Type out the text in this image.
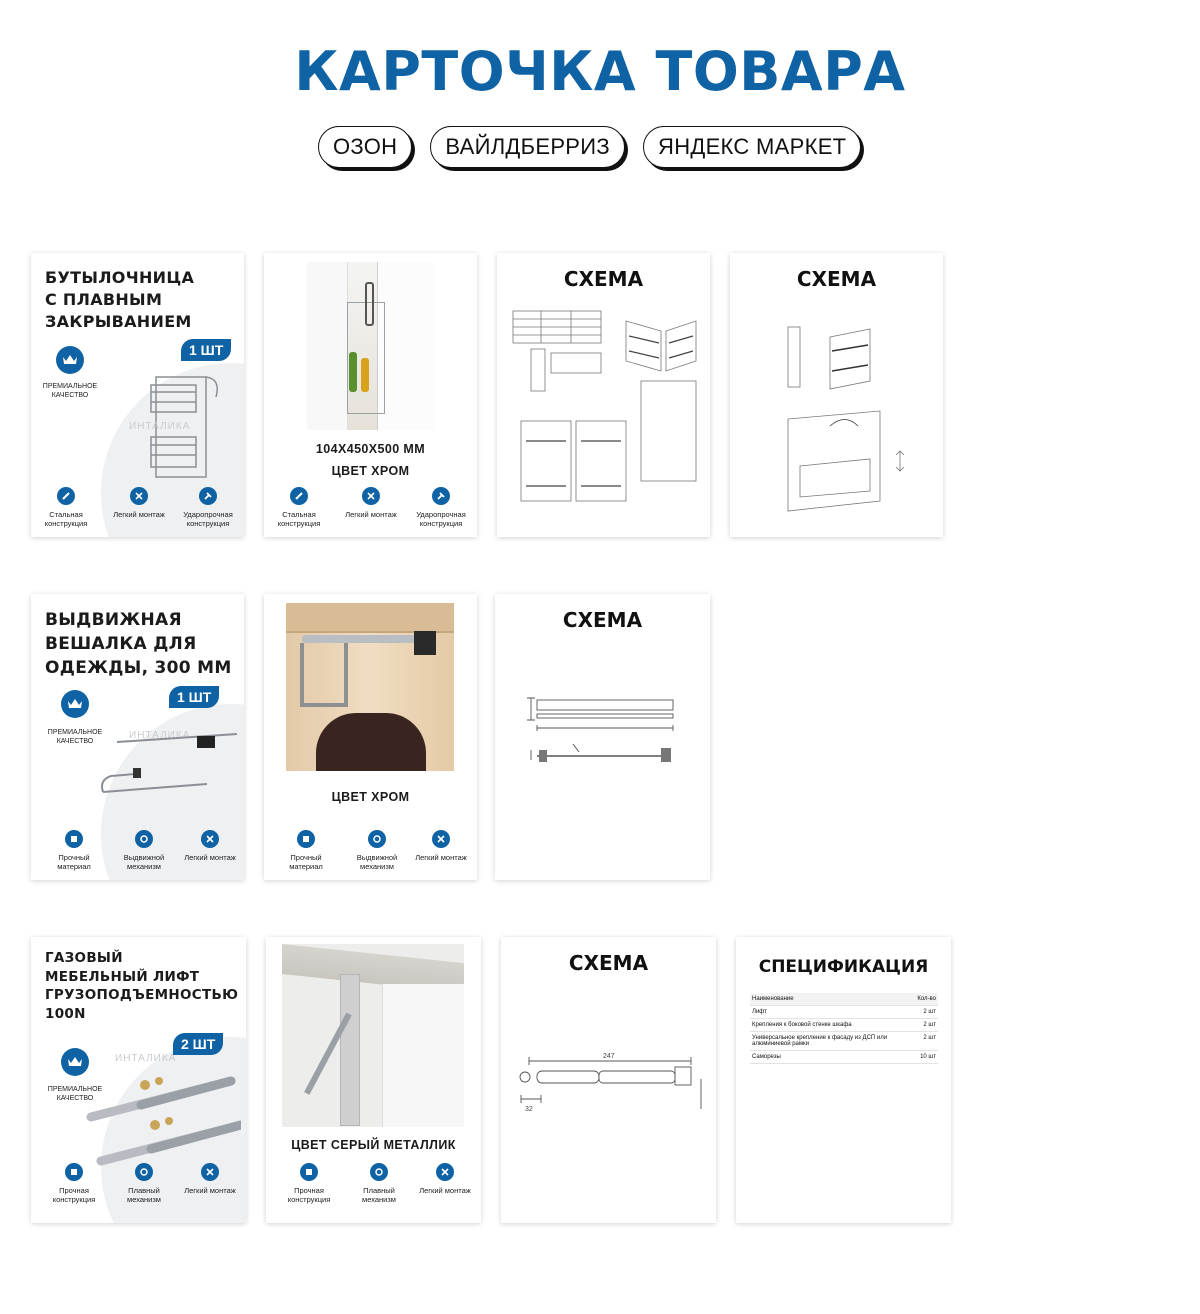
КАРТОЧКА ТОВАРА
ОЗОН	ВАЙЛДБЕРРИЗ	ЯНДЕКС МАРКЕТ
БУТЫЛОЧНИЦА
С ПЛАВНЫМ
ЗАКРЫВАНИЕМ
ПРЕМИАЛЬНОЕ КАЧЕСТВО
1 ШТ
ИНТАЛИКА
Стальная конструкция
Легкий монтаж	Ударопрочная конструкция
104Х450Х500 ММ
ЦВЕТ ХРОМ
Стальная конструкция
Легкий монтаж	Ударопрочная конструкция
СХЕМА	СХЕМА
ВЫДВИЖНАЯ
ВЕШАЛКА ДЛЯ
ОДЕЖДЫ, 300 ММ
ПРЕМИАЛЬНОЕ КАЧЕСТВО
1 ШТ
ИНТАЛИКА
Прочный материал
Выдвижной механизм
Легкий монтаж
ЦВЕТ ХРОМ
Прочный материал
Выдвижной механизм
Легкий монтаж
СХЕМА
ГАЗОВЫЙ
МЕБЕЛЬНЫЙ ЛИФТ
ГРУЗОПОДЪЕМНОСТЬЮ
100N
ПРЕМИАЛЬНОЕ КАЧЕСТВО
2 ШТ
ИНТАЛИКА
Прочная конструкция
Плавный механизм
Легкий монтаж
ЦВЕТ СЕРЫЙ МЕТАЛЛИК
Прочная конструкция
Плавный механизм
Легкий монтаж
СХЕМА
247
32
СПЕЦИФИКАЦИЯ
Наименование	Кол-во
Лифт	2 шт
Крепления к боковой стенке шкафа	2 шт
Универсальное крепление к фасаду из ДСП или алюминиевой рамки	2 шт
Саморезы	10 шт
